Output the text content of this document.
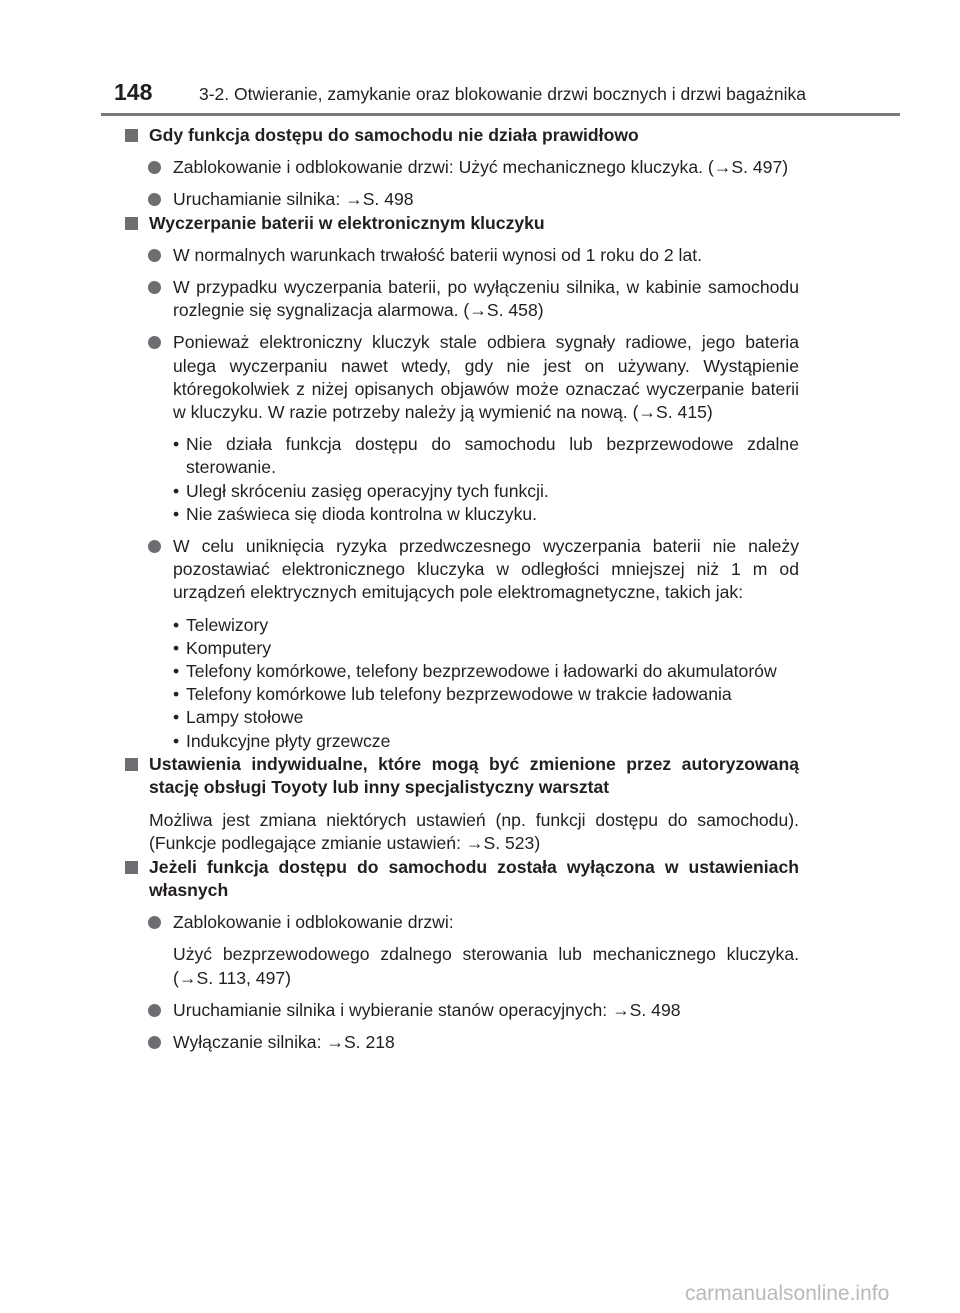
148	3-2. Otwieranie, zamykanie oraz blokowanie drzwi bocznych i drzwi bagażnika
Gdy funkcja dostępu do samochodu nie działa prawidłowo
Zablokowanie i odblokowanie drzwi: Użyć mechanicznego kluczyka. (→S. 497)
Uruchamianie silnika: →S. 498
Wyczerpanie baterii w elektronicznym kluczyku
W normalnych warunkach trwałość baterii wynosi od 1 roku do 2 lat.
W przypadku wyczerpania baterii, po wyłączeniu silnika, w kabinie samochodu rozlegnie się sygnalizacja alarmowa. (→S. 458)
Ponieważ elektroniczny kluczyk stale odbiera sygnały radiowe, jego bateria ulega wyczerpaniu nawet wtedy, gdy nie jest on używany. Wystąpienie któregokolwiek z niżej opisanych objawów może oznaczać wyczerpanie baterii w kluczyku. W razie potrzeby należy ją wymienić na nową. (→S. 415)
• Nie działa funkcja dostępu do samochodu lub bezprzewodowe zdalne sterowanie.
• Uległ skróceniu zasięg operacyjny tych funkcji.
• Nie zaświeca się dioda kontrolna w kluczyku.
W celu uniknięcia ryzyka przedwczesnego wyczerpania baterii nie należy pozostawiać elektronicznego kluczyka w odległości mniejszej niż 1 m od urządzeń elektrycznych emitujących pole elektromagnetyczne, takich jak:
• Telewizory
• Komputery
• Telefony komórkowe, telefony bezprzewodowe i ładowarki do akumulatorów
• Telefony komórkowe lub telefony bezprzewodowe w trakcie ładowania
• Lampy stołowe
• Indukcyjne płyty grzewcze
Ustawienia indywidualne, które mogą być zmienione przez autoryzowaną stację obsługi Toyoty lub inny specjalistyczny warsztat
Możliwa jest zmiana niektórych ustawień (np. funkcji dostępu do samochodu). (Funkcje podlegające zmianie ustawień: →S. 523)
Jeżeli funkcja dostępu do samochodu została wyłączona w ustawieniach własnych
Zablokowanie i odblokowanie drzwi:
Użyć bezprzewodowego zdalnego sterowania lub mechanicznego kluczyka. (→S. 113, 497)
Uruchamianie silnika i wybieranie stanów operacyjnych: →S. 498
Wyłączanie silnika: →S. 218
carmanualsonline.info
